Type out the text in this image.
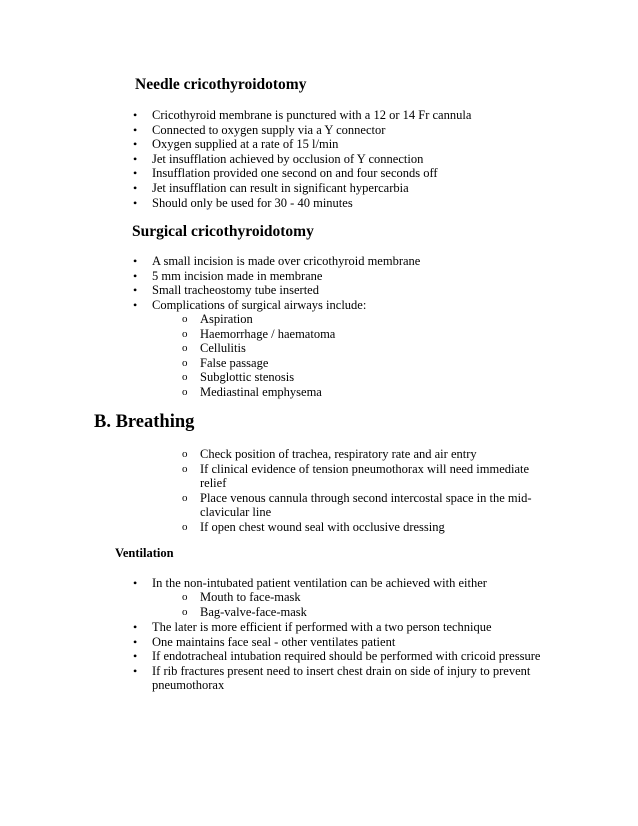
Needle cricothyroidotomy
• Cricothyroid membrane is punctured with a 12 or 14 Fr cannula
• Connected to oxygen supply via a Y connector
• Oxygen supplied at a rate of 15 l/min
• Jet insufflation achieved by occlusion of Y connection
• Insufflation provided one second on and four seconds off
• Jet insufflation can result in significant hypercarbia
• Should only be used for 30 - 40 minutes
Surgical cricothyroidotomy
• A small incision is made over cricothyroid membrane
• 5 mm incision made in membrane
• Small tracheostomy tube inserted
• Complications of surgical airways include:
o Aspiration
o Haemorrhage / haematoma
o Cellulitis
o False passage
o Subglottic stenosis
o Mediastinal emphysema
B. Breathing
o Check position of trachea, respiratory rate and air entry
o If clinical evidence of tension pneumothorax will need immediate relief
o Place venous cannula through second intercostal space in the mid-clavicular line
o If open chest wound seal with occlusive dressing
Ventilation
• In the non-intubated patient ventilation can be achieved with either
o Mouth to face-mask
o Bag-valve-face-mask
• The later is more efficient if performed with a two person technique
• One maintains face seal - other ventilates patient
• If endotracheal intubation required should be performed with cricoid pressure
• If rib fractures present need to insert chest drain on side of injury to prevent pneumothorax
